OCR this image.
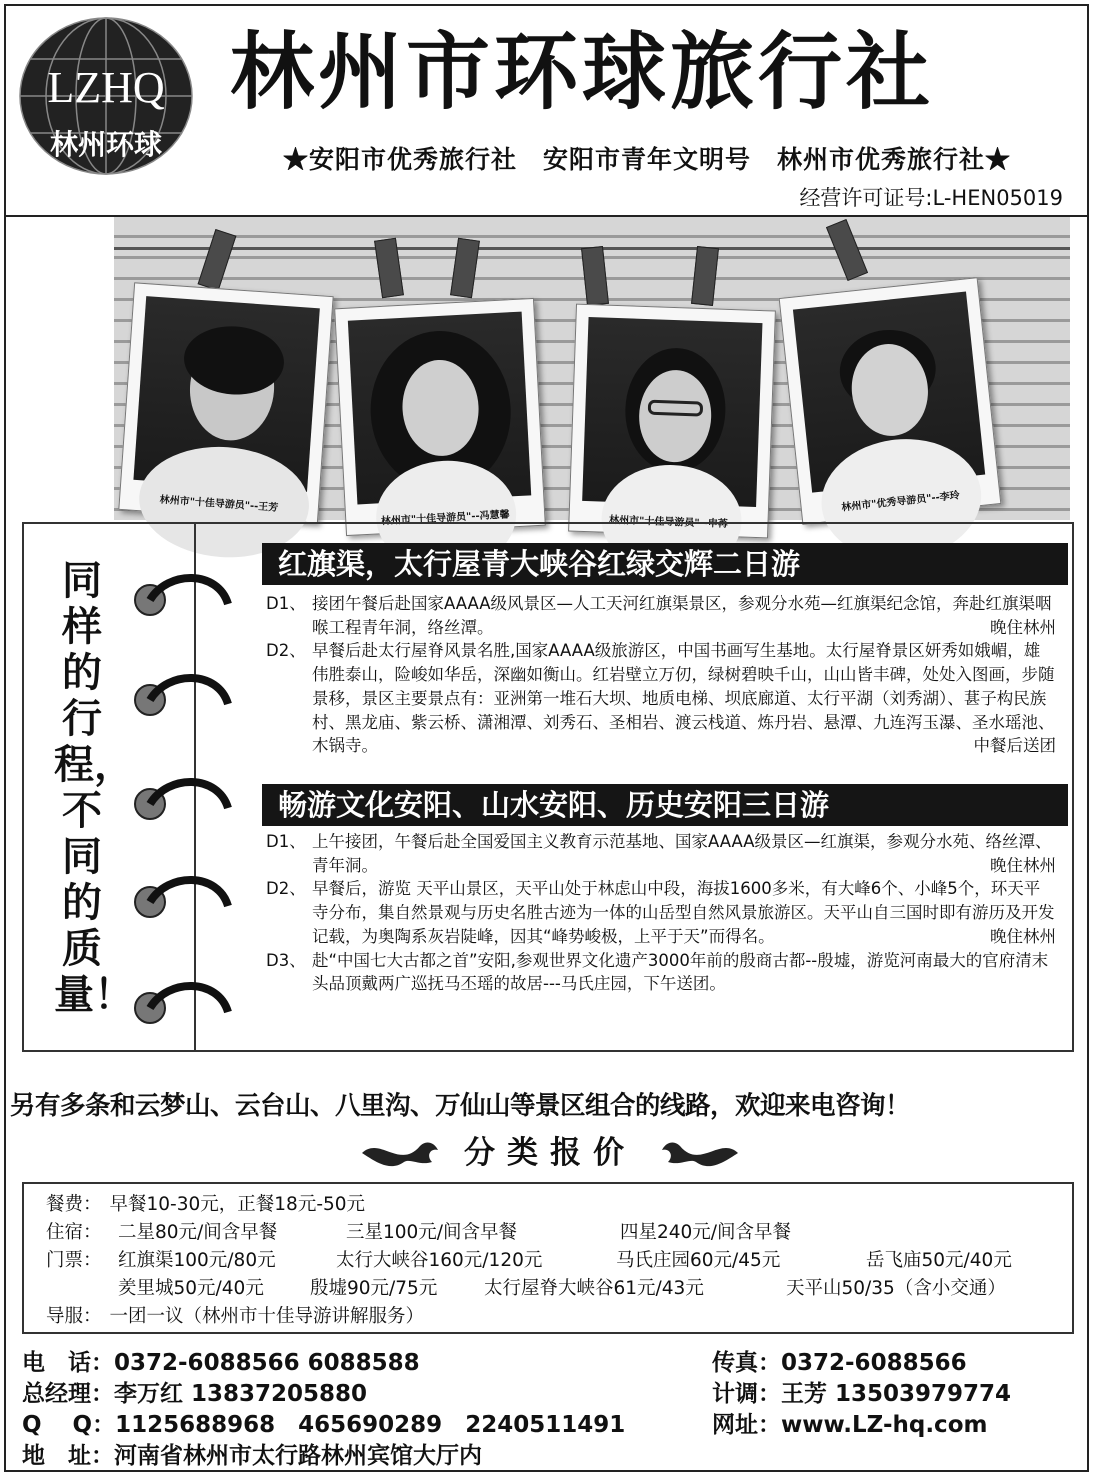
LZHQ
林州环球
林州市环球旅行社
★安阳市优秀旅行社　安阳市青年文明号　林州市优秀旅行社★
经营许可证号:L-HEN05019
林州市"十佳导游员"--王芳
林州市"十佳导游员"--冯慧馨	林州市"十佳导游员"--申苒
林州市"优秀导游员"--李玲
同样的行程，不同的质量！
红旗渠，太行屋青大峡谷红绿交辉二日游
D1、 接团午餐后赴国家AAAA级风景区—人工天河红旗渠景区，参观分水苑—红旗渠纪念馆，奔赴红旗渠咽喉工程青年洞，络丝潭。	晚住林州
D2、 早餐后赴太行屋脊风景名胜,国家AAAA级旅游区，中国书画写生基地。太行屋脊景区妍秀如娥嵋，雄伟胜泰山，险峻如华岳，深幽如衡山。红岩壁立万仞，绿树碧映千山，山山皆丰碑，处处入图画，步随景移，景区主要景点有：亚洲第一堆石大坝、地质电梯、坝底廊道、太行平湖（刘秀湖）、葚子构民族村、黑龙庙、紫云桥、潇湘潭、刘秀石、圣相岩、渡云栈道、炼丹岩、悬潭、九连泻玉瀑、圣水瑶池、木锅寺。	中餐后送团
畅游文化安阳、山水安阳、历史安阳三日游
D1、 上午接团，午餐后赴全国爱国主义教育示范基地、国家AAAA级景区—红旗渠，参观分水苑、络丝潭、青年洞。	晚住林州
D2、 早餐后，游览 天平山景区，天平山处于林虑山中段，海拔1600多米，有大峰6个、小峰5个，环天平寺分布，集自然景观与历史名胜古迹为一体的山岳型自然风景旅游区。天平山自三国时即有游历及开发记载，为奥陶系灰岩陡峰，因其“峰势峻极，上平于天”而得名。	晚住林州
D3、 赴“中国七大古都之首”安阳,参观世界文化遗产3000年前的殷商古都--殷墟，游览河南最大的官府清末头品顶戴两广巡抚马丕瑶的故居---马氏庄园，下午送团。
另有多条和云梦山、云台山、八里沟、万仙山等景区组合的线路，欢迎来电咨询！
分类报价
餐费： 早餐10-30元，正餐18元-50元
住宿： 二星80元/间含早餐	三星100元/间含早餐	四星240元/间含早餐
门票： 红旗渠100元/80元	太行大峡谷160元/120元	马氏庄园60元/45元	岳飞庙50元/40元
羑里城50元/40元 殷墟90元/75元	太行屋脊大峡谷61元/43元	天平山50/35（含小交通）
导服： 一团一议（林州市十佳导游讲解服务）
电　话：0372-6088566 6088588	传真：0372-6088566
总经理：李万红 13837205880	计调：王芳 13503979774
Q　 Q：1125688968　465690289　2240511491	网址：www.LZ-hq.com
地　址：河南省林州市太行路林州宾馆大厅内
